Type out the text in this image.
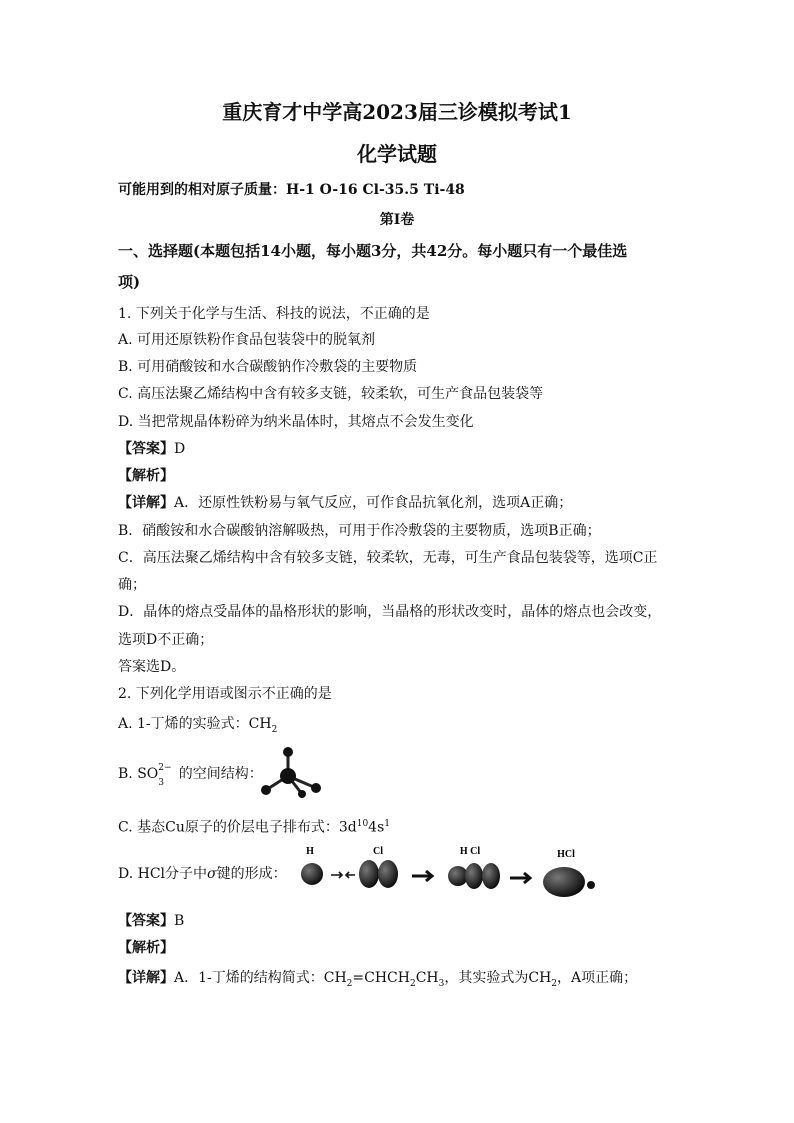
重庆育才中学高2023届三诊模拟考试1
化学试题
可能用到的相对原子质量：H-1 O-16 Cl-35.5 Ti-48
第Ⅰ卷
一、选择题(本题包括14小题，每小题3分，共42分。每小题只有一个最佳选
项)
1. 下列关于化学与生活、科技的说法，不正确的是
A. 可用还原铁粉作食品包装袋中的脱氧剂
B. 可用硝酸铵和水合碳酸钠作冷敷袋的主要物质
C. 高压法聚乙烯结构中含有较多支链，较柔软，可生产食品包装袋等
D. 当把常规晶体粉碎为纳米晶体时，其熔点不会发生变化
【答案】D
【解析】
【详解】A．还原性铁粉易与氧气反应，可作食品抗氧化剂，选项A正确；
B．硝酸铵和水合碳酸钠溶解吸热，可用于作冷敷袋的主要物质，选项B正确；
C．高压法聚乙烯结构中含有较多支链，较柔软，无毒，可生产食品包装袋等，选项C正
确；
D．晶体的熔点受晶体的晶格形状的影响，当晶格的形状改变时，晶体的熔点也会改变，
选项D不正确；
答案选D。
2. 下列化学用语或图示不正确的是
A. 1-丁烯的实验式：$CH_2$
B. SO 2−
3
的空间结构：
C. 基态Cu原子的价层电子排布式：$3d^{10}4s^1$
D. HCl分子中σ键的形成：
H	Cl	H Cl	HCl
【答案】B
【解析】
【详解】A．1-丁烯的结构简式：$CH_2=CHCH_2CH_3$，其实验式为$CH_2$，A项正确；
